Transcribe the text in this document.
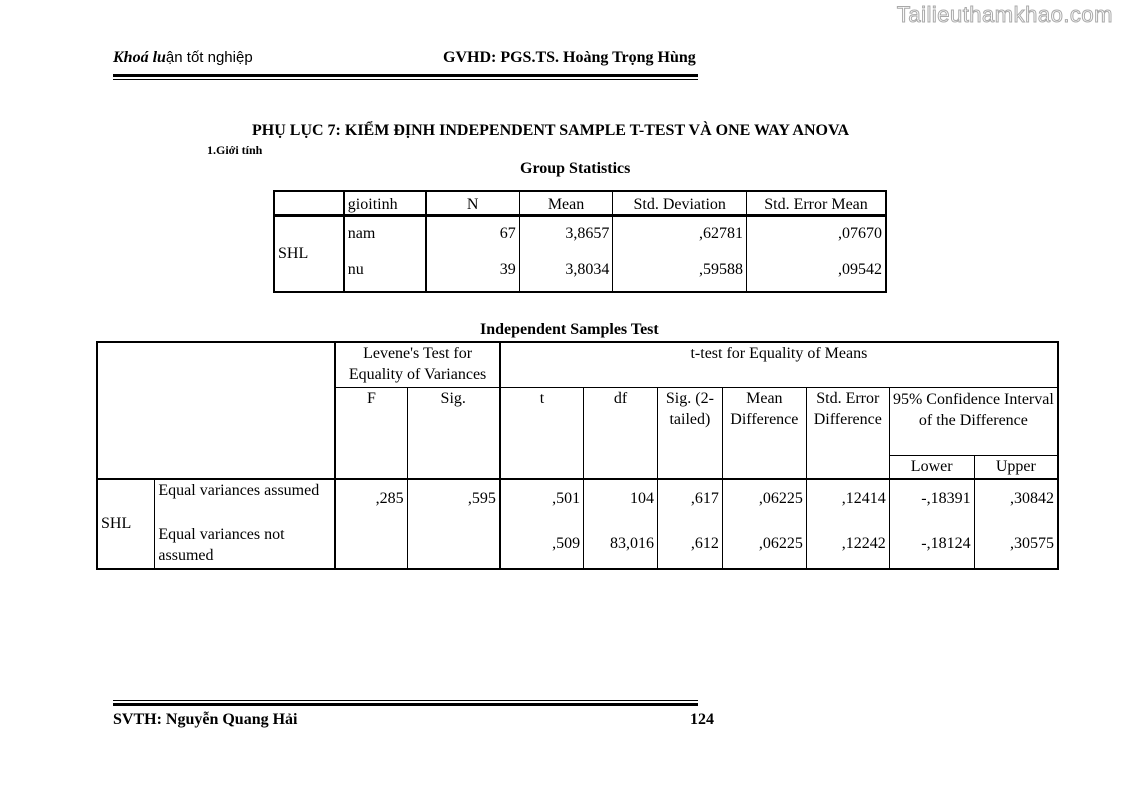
Tailieuthamkhao.com
Khoá luận tốt nghiệp	GVHD: PGS.TS. Hoàng Trọng Hùng
PHỤ LỤC 7: KIỂM ĐỊNH INDEPENDENT SAMPLE T-TEST VÀ ONE WAY ANOVA
1.Giới tính
Group Statistics
	gioitinh	N	Mean	Std. Deviation	Std. Error Mean
SHL	nam	67	3,8657	,62781	,07670
	nu	39	3,8034	,59588	,09542
Independent Samples Test
		Levene's Test for Equality of Variances		t-test for Equality of Means						
		F	Sig.	t	df	Sig. (2-tailed)	Mean Difference	Std. Error Difference	95% Confidence Interval of the Difference	
									Lower	Upper
SHL	Equal variances assumed	,285	,595	,501	104	,617	,06225	,12414	-,18391	,30842
	Equal variances not assumed			,509	83,016	,612	,06225	,12242	-,18124	,30575
SVTH: Nguyễn Quang Hải	124
